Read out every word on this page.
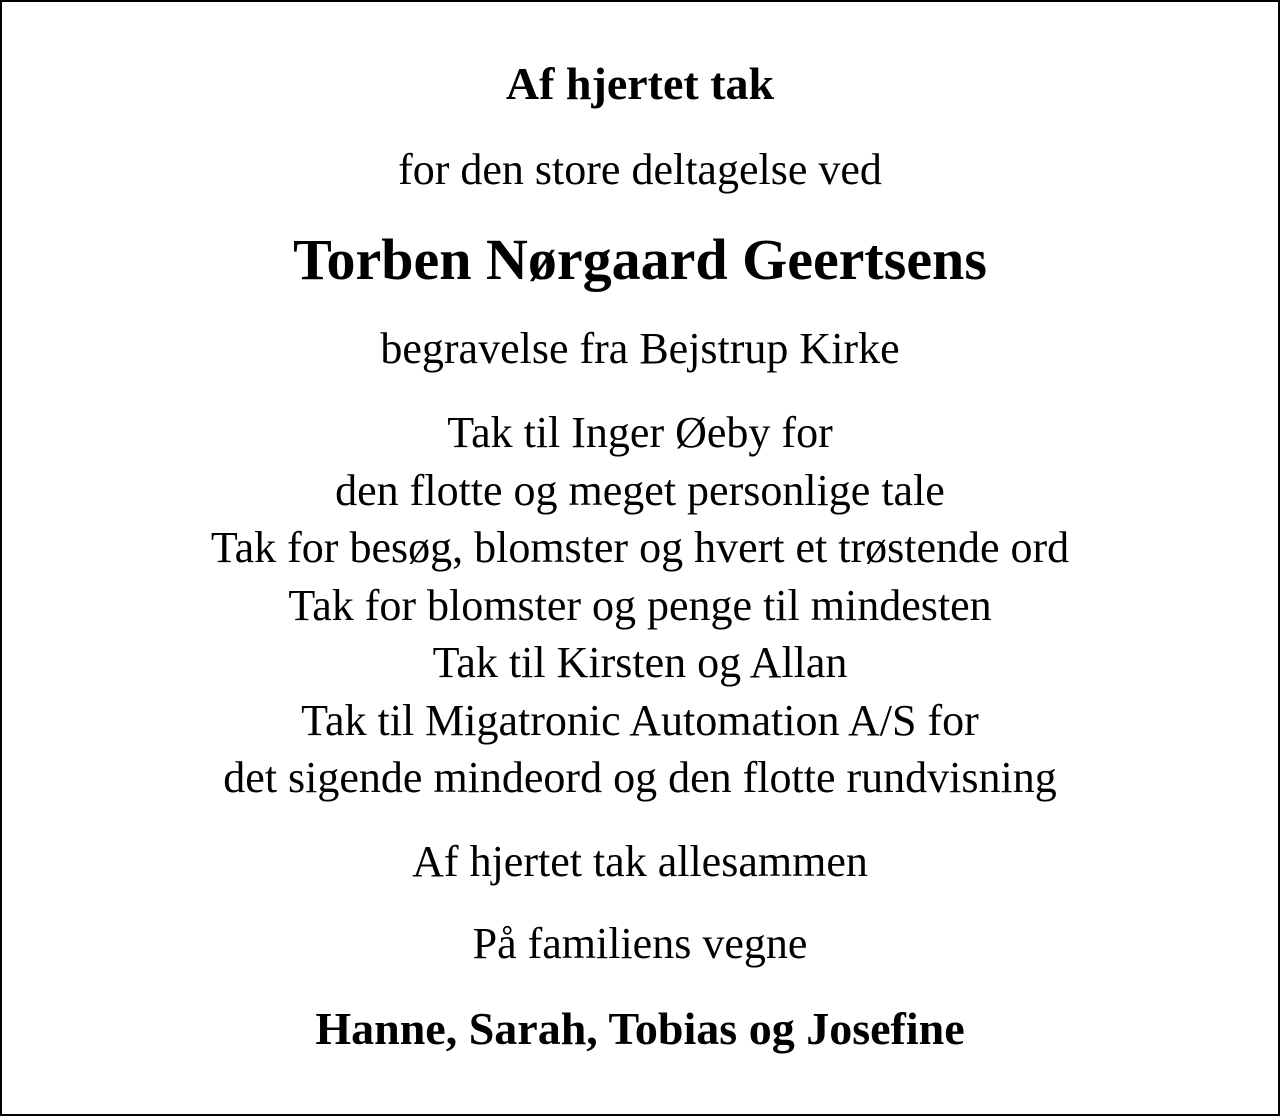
Af hjertet tak
for den store deltagelse ved
Torben Nørgaard Geertsens
begravelse fra Bejstrup Kirke
Tak til Inger Øeby for
den flotte og meget personlige tale
Tak for besøg, blomster og hvert et trøstende ord
Tak for blomster og penge til mindesten
Tak til Kirsten og Allan
Tak til Migatronic Automation A/S for
det sigende mindeord og den flotte rundvisning
Af hjertet tak allesammen
På familiens vegne
Hanne, Sarah, Tobias og Josefine
